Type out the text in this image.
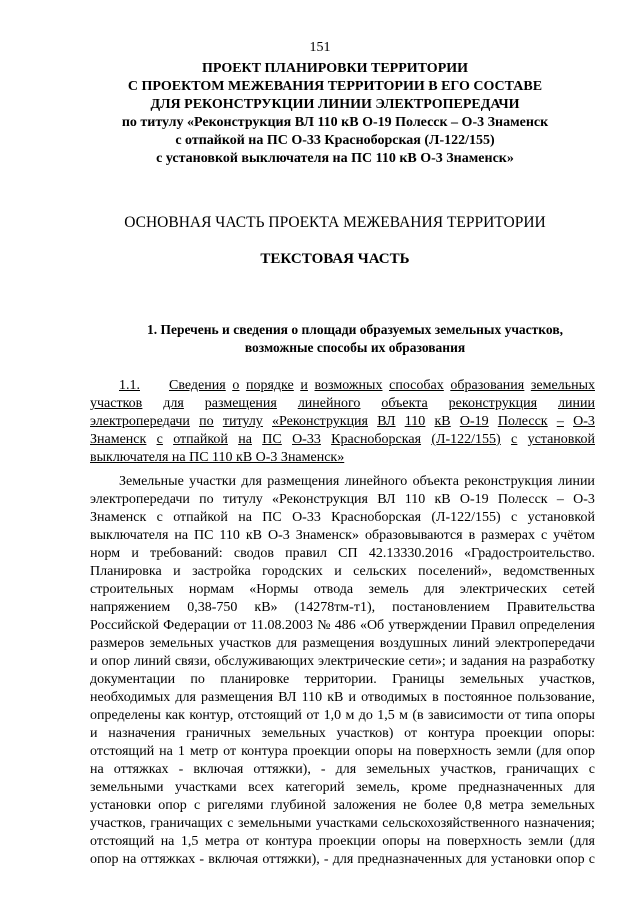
151
ПРОЕКТ ПЛАНИРОВКИ ТЕРРИТОРИИ
С ПРОЕКТОМ МЕЖЕВАНИЯ ТЕРРИТОРИИ В ЕГО СОСТАВЕ
ДЛЯ РЕКОНСТРУКЦИИ ЛИНИИ ЭЛЕКТРОПЕРЕДАЧИ
по титулу «Реконструкция ВЛ 110 кВ О-19 Полесск – О-3 Знаменск
с отпайкой на ПС О-33 Красноборская (Л-122/155)
с установкой выключателя на ПС 110 кВ О-3 Знаменск»
ОСНОВНАЯ ЧАСТЬ ПРОЕКТА МЕЖЕВАНИЯ ТЕРРИТОРИИ
ТЕКСТОВАЯ ЧАСТЬ
1. Перечень и сведения о площади образуемых земельных участков,
возможные способы их образования
1.1.	Сведения о порядке и возможных способах образования земельных
участков для размещения линейного объекта реконструкция линии
электропередачи по титулу «Реконструкция ВЛ 110 кВ О-19 Полесск – О-3
Знаменск с отпайкой на ПС О-33 Красноборская (Л-122/155) с установкой
выключателя на ПС 110 кВ О-3 Знаменск»
Земельные участки для размещения линейного объекта реконструкция линии
электропередачи по титулу «Реконструкция ВЛ 110 кВ О-19 Полесск – О-3
Знаменск с отпайкой на ПС О-33 Красноборская (Л-122/155) с установкой
выключателя на ПС 110 кВ О-3 Знаменск» образовываются в размерах с учётом
норм и требований: сводов правил СП 42.13330.2016 «Градостроительство.
Планировка и застройка городских и сельских поселений», ведомственных
строительных нормам «Нормы отвода земель для электрических сетей
напряжением 0,38-750 кВ» (14278тм-т1), постановлением Правительства
Российской Федерации от 11.08.2003 № 486 «Об утверждении Правил определения
размеров земельных участков для размещения воздушных линий электропередачи
и опор линий связи, обслуживающих электрические сети»; и задания на разработку
документации по планировке территории. Границы земельных участков,
необходимых для размещения ВЛ 110 кВ и отводимых в постоянное пользование,
определены как контур, отстоящий от 1,0 м до 1,5 м (в зависимости от типа опоры
и назначения граничных земельных участков) от контура проекции опоры:
отстоящий на 1 метр от контура проекции опоры на поверхность земли (для опор
на оттяжках - включая оттяжки), - для земельных участков, граничащих с
земельными участками всех категорий земель, кроме предназначенных для
установки опор с ригелями глубиной заложения не более 0,8 метра земельных
участков, граничащих с земельными участками сельскохозяйственного назначения;
отстоящий на 1,5 метра от контура проекции опоры на поверхность земли (для
опор на оттяжках - включая оттяжки), - для предназначенных для установки опор с
